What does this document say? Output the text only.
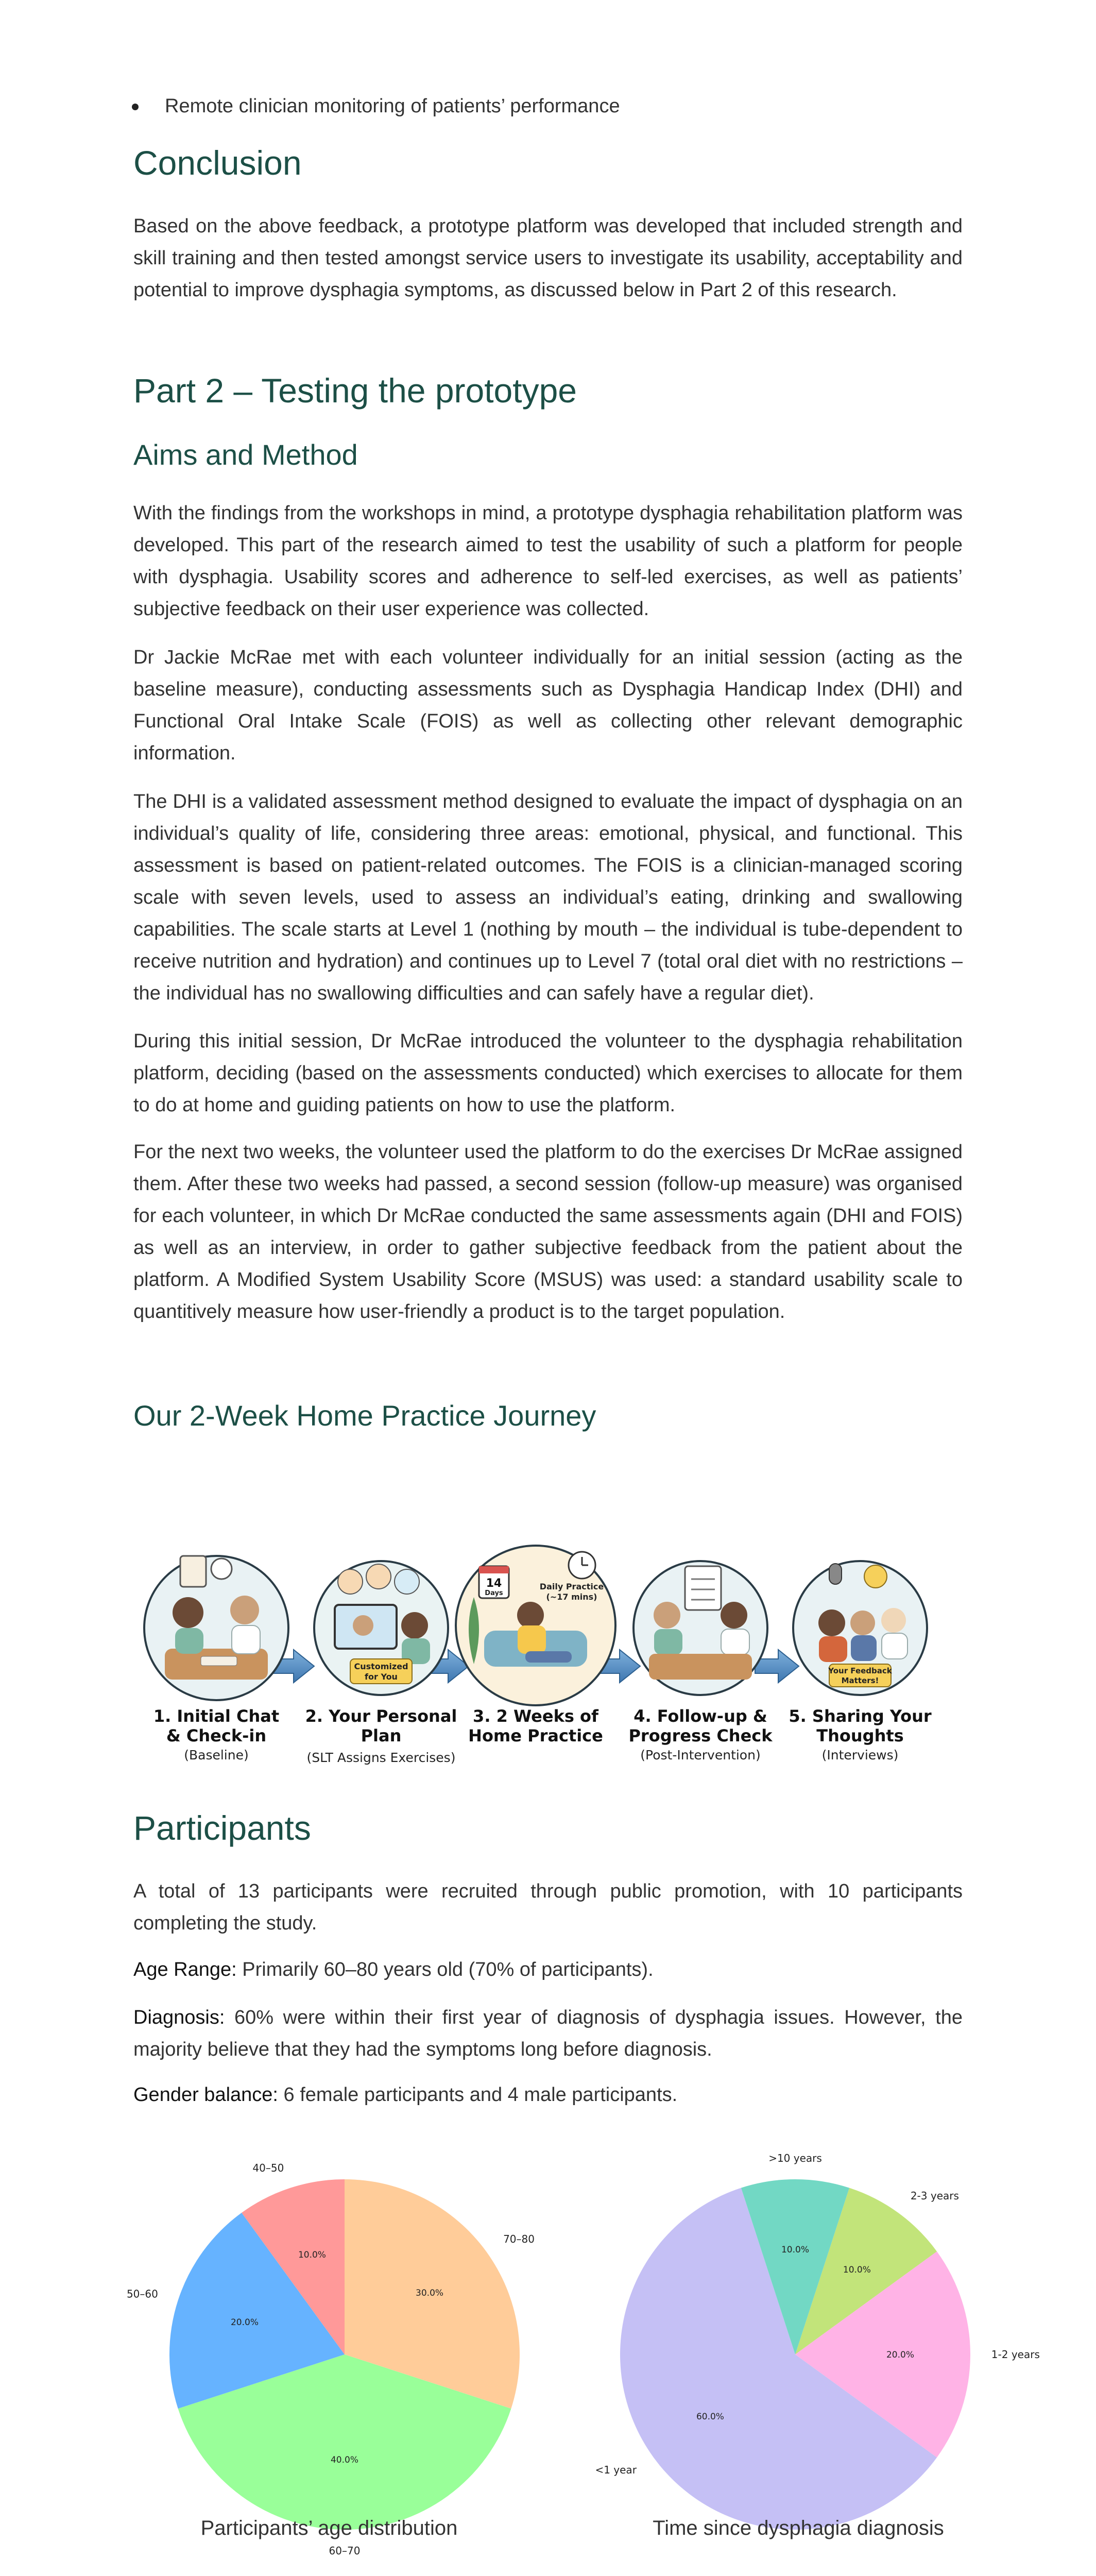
Remote clinician monitoring of patients’ performance
Conclusion

Based on the above feedback, a prototype platform was developed that included strength and skill training and then tested amongst service users to investigate its usability, acceptability and potential to improve dysphagia symptoms, as discussed below in Part 2 of this research.

Part 2 – Testing the prototype
Aims and Method

With the findings from the workshops in mind, a prototype dysphagia rehabilitation platform was developed. This part of the research aimed to test the usability of such a platform for people with dysphagia. Usability scores and adherence to self-led exercises, as well as patients’ subjective feedback on their user experience was collected.

Dr Jackie McRae met with each volunteer individually for an initial session (acting as the baseline measure), conducting assessments such as Dysphagia Handicap Index (DHI) and Functional Oral Intake Scale (FOIS) as well as collecting other relevant demographic information.

The DHI is a validated assessment method designed to evaluate the impact of dysphagia on an individual’s quality of life, considering three areas: emotional, physical, and functional. This assessment is based on patient-related outcomes. The FOIS is a clinician-managed scoring scale with seven levels, used to assess an individual’s eating, drinking and swallowing capabilities. The scale starts at Level 1 (nothing by mouth – the individual is tube-dependent to receive nutrition and hydration) and continues up to Level 7 (total oral diet with no restrictions – the individual has no swallowing difficulties and can safely have a regular diet).

During this initial session, Dr McRae introduced the volunteer to the dysphagia rehabilitation platform, deciding (based on the assessments conducted) which exercises to allocate for them to do at home and guiding patients on how to use the platform.

For the next two weeks, the volunteer used the platform to do the exercises Dr McRae assigned them. After these two weeks had passed, a second session (follow-up measure) was organised for each volunteer, in which Dr McRae conducted the same assessments again (DHI and FOIS) as well as an interview, in order to gather subjective feedback from the patient about the platform. A Modified System Usability Score (MSUS) was used: a standard usability scale to quantitively measure how user-friendly a product is to the target population.

Our 2-Week Home Practice Journey
Customized
for You
14
Days
Daily Practice
(~17 mins)
Your Feedback
Matters!
1. Initial Chat
& Check-in
(Baseline)
2. Your Personal
Plan
(SLT Assigns Exercises)
3. 2 Weeks of
Home Practice
4. Follow-up &
Progress Check
(Post-Intervention)
5. Sharing Your
Thoughts
(Interviews)
Participants

A total of 13 participants were recruited through public promotion, with 10 participants completing the study.

Age Range: Primarily 60–80 years old (70% of participants).

Diagnosis: 60% were within their first year of diagnosis of dysphagia issues. However, the majority believe that they had the symptoms long before diagnosis.

Gender balance: 6 female participants and 4 male participants.

30.0%
70–80
40.0%
60–70
20.0%
50–60
10.0%
40–50
10.0%
2-3 years
20.0%	1-2 years
60.0%
<1 year
10.0%
>10 years
Participants’ age distribution	Time since dysphagia diagnosis
